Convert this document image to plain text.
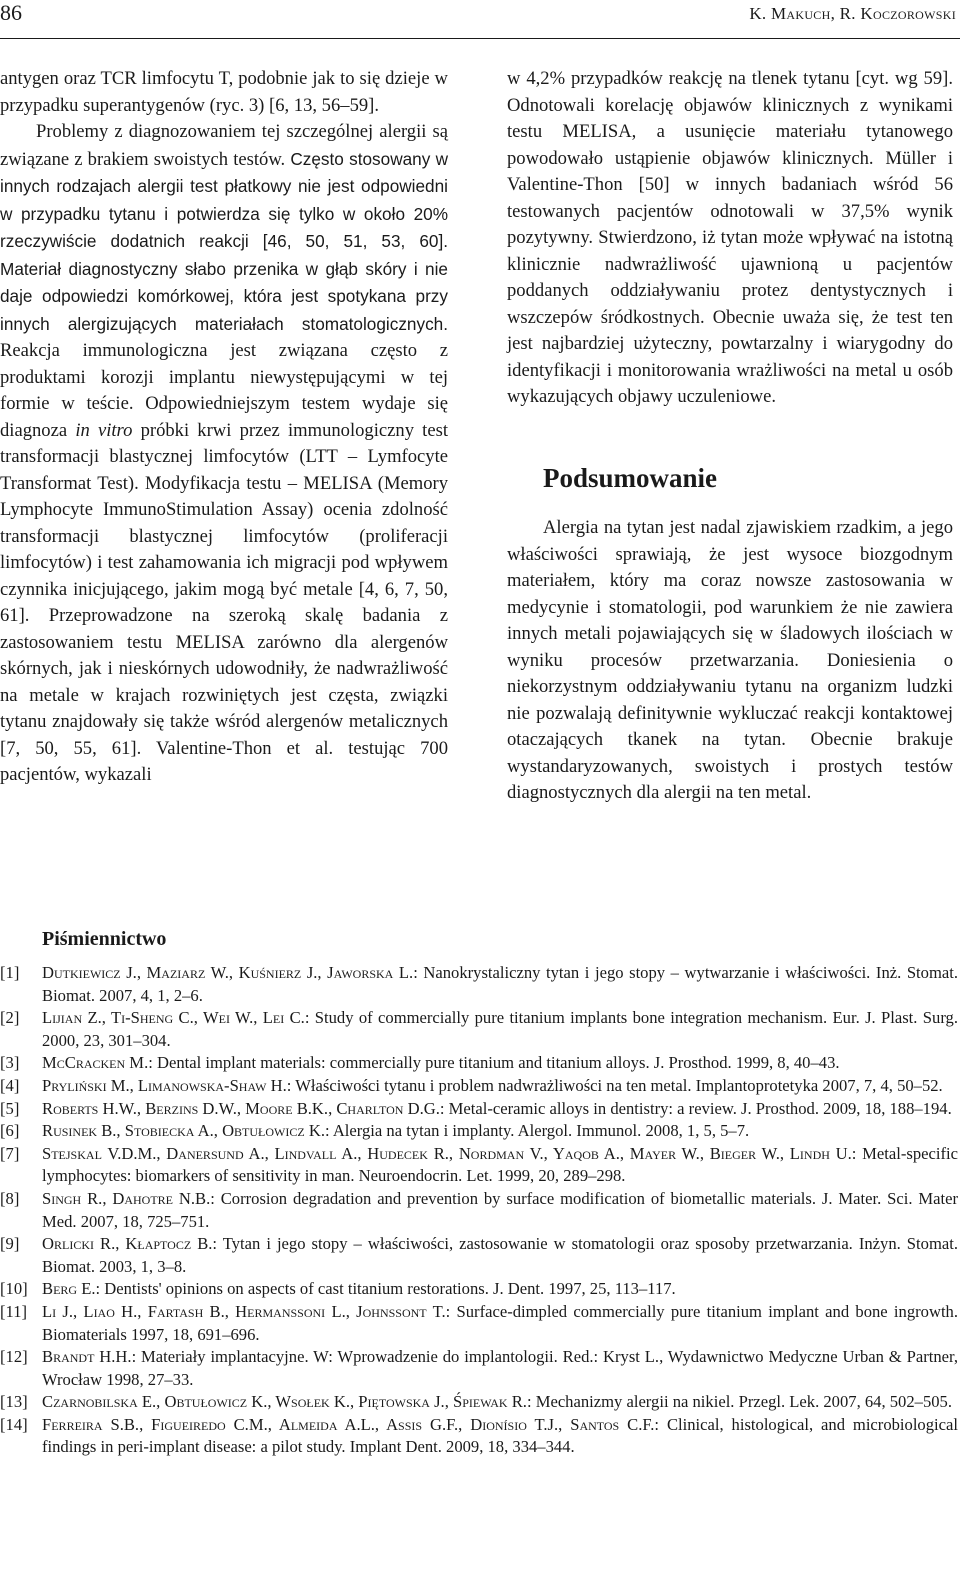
86	K. Makuch, R. Koczorowski

antygen oraz TCR limfocytu T, podobnie jak to się dzieje w przypadku superantygenów (ryc. 3) [6, 13, 56–59].

Problemy z diagnozowaniem tej szczególnej alergii są związane z brakiem swoistych testów. Często stosowany w innych rodzajach alergii test płatkowy nie jest odpowiedni w przypadku tytanu i potwierdza się tylko w około 20% rzeczywiście dodatnich reakcji [46, 50, 51, 53, 60]. Materiał diagnostyczny słabo przenika w głąb skóry i nie daje odpowiedzi komórkowej, która jest spotykana przy innych alergizujących materiałach stomatologicznych. Reakcja immunologiczna jest związana często z produktami korozji implantu niewystępującymi w tej formie w teście. Odpowiedniejszym testem wydaje się diagnoza in vitro próbki krwi przez immunologiczny test transformacji blastycznej limfocytów (LTT – Lymfocyte Transformat Test). Modyfikacja testu – MELISA (Memory Lymphocyte ImmunoStimulation Assay) ocenia zdolność transformacji blastycznej limfocytów (proliferacji limfocytów) i test zahamowania ich migracji pod wpływem czynnika inicjującego, jakim mogą być metale [4, 6, 7, 50, 61]. Przeprowadzone na szeroką skalę badania z zastosowaniem testu MELISA zarówno dla alergenów skórnych, jak i nieskórnych udowodniły, że nadwrażliwość na metale w krajach rozwiniętych jest częsta, związki tytanu znajdowały się także wśród alergenów metalicznych [7, 50, 55, 61]. Valentine-Thon et al. testując 700 pacjentów, wykazali

w 4,2% przypadków reakcję na tlenek tytanu [cyt. wg 59]. Odnotowali korelację objawów klinicznych z wynikami testu MELISA, a usunięcie materiału tytanowego powodowało ustąpienie objawów klinicznych. Müller i Valentine-Thon [50] w innych badaniach wśród 56 testowanych pacjentów odnotowali w 37,5% wynik pozytywny. Stwierdzono, iż tytan może wpływać na istotną klinicznie nadwrażliwość ujawnioną u pacjentów poddanych oddziaływaniu protez dentystycznych i wszczepów śródkostnych. Obecnie uważa się, że test ten jest najbardziej użyteczny, powtarzalny i wiarygodny do identyfikacji i monitorowania wrażliwości na metal u osób wykazujących objawy uczuleniowe.

Podsumowanie

Alergia na tytan jest nadal zjawiskiem rzadkim, a jego właściwości sprawiają, że jest wysoce biozgodnym materiałem, który ma coraz nowsze zastosowania w medycynie i stomatologii, pod warunkiem że nie zawiera innych metali pojawiających się w śladowych ilościach w wyniku procesów przetwarzania. Doniesienia o niekorzystnym oddziaływaniu tytanu na organizm ludzki nie pozwalają definitywnie wykluczać reakcji kontaktowej otaczających tkanek na tytan. Obecnie brakuje wystandaryzowanych, swoistych i prostych testów diagnostycznych dla alergii na ten metal.

Piśmiennictwo
[1]	Dutkiewicz J., Maziarz W., Kuśnierz J., Jaworska L.: Nanokrystaliczny tytan i jego stopy – wytwarzanie i właściwości. Inż. Stomat. Biomat. 2007, 4, 1, 2–6.
[2]	Lijian Z., Ti-Sheng C., Wei W., Lei C.: Study of commercially pure titanium implants bone integration mechanism. Eur. J. Plast. Surg. 2000, 23, 301–304.
[3]	McCracken M.: Dental implant materials: commercially pure titanium and titanium alloys. J. Prosthod. 1999, 8, 40–43.
[4]	Pryliński M., Limanowska-Shaw H.: Właściwości tytanu i problem nadwrażliwości na ten metal. Implantoprotetyka 2007, 7, 4, 50–52.
[5]	Roberts H.W., Berzins D.W., Moore B.K., Charlton D.G.: Metal-ceramic alloys in dentistry: a review. J. Prosthod. 2009, 18, 188–194.
[6]	Rusinek B., Stobiecka A., Obtułowicz K.: Alergia na tytan i implanty. Alergol. Immunol. 2008, 1, 5, 5–7.
[7]	Stejskal V.D.M., Danersund A., Lindvall A., Hudecek R., Nordman V., Yaqob A., Mayer W., Bieger W., Lindh U.: Metal-specific lymphocytes: biomarkers of sensitivity in man. Neuroendocrin. Let. 1999, 20, 289–298.
[8]	Singh R., Dahotre N.B.: Corrosion degradation and prevention by surface modification of biometallic materials. J. Mater. Sci. Mater Med. 2007, 18, 725–751.
[9]	Orlicki R., Kłaptocz B.: Tytan i jego stopy – właściwości, zastosowanie w stomatologii oraz sposoby przetwarzania. Inżyn. Stomat. Biomat. 2003, 1, 3–8.
[10] Berg E.: Dentists' opinions on aspects of cast titanium restorations. J. Dent. 1997, 25, 113–117.
[11] Li J., Liao H., Fartash B., Hermanssoni L., Johnssont T.: Surface-dimpled commercially pure titanium implant and bone ingrowth. Biomaterials 1997, 18, 691–696.
[12] Brandt H.H.: Materiały implantacyjne. W: Wprowadzenie do implantologii. Red.: Kryst L., Wydawnictwo Medyczne Urban & Partner, Wrocław 1998, 27–33.
[13] Czarnobilska E., Obtułowicz K., Wsołek K., Piętowska J., Śpiewak R.: Mechanizmy alergii na nikiel. Przegl. Lek. 2007, 64, 502–505.
[14] Ferreira S.B., Figueiredo C.M., Almeida A.L., Assis G.F., Dionísio T.J., Santos C.F.: Clinical, histological, and microbiological findings in peri-implant disease: a pilot study. Implant Dent. 2009, 18, 334–344.
